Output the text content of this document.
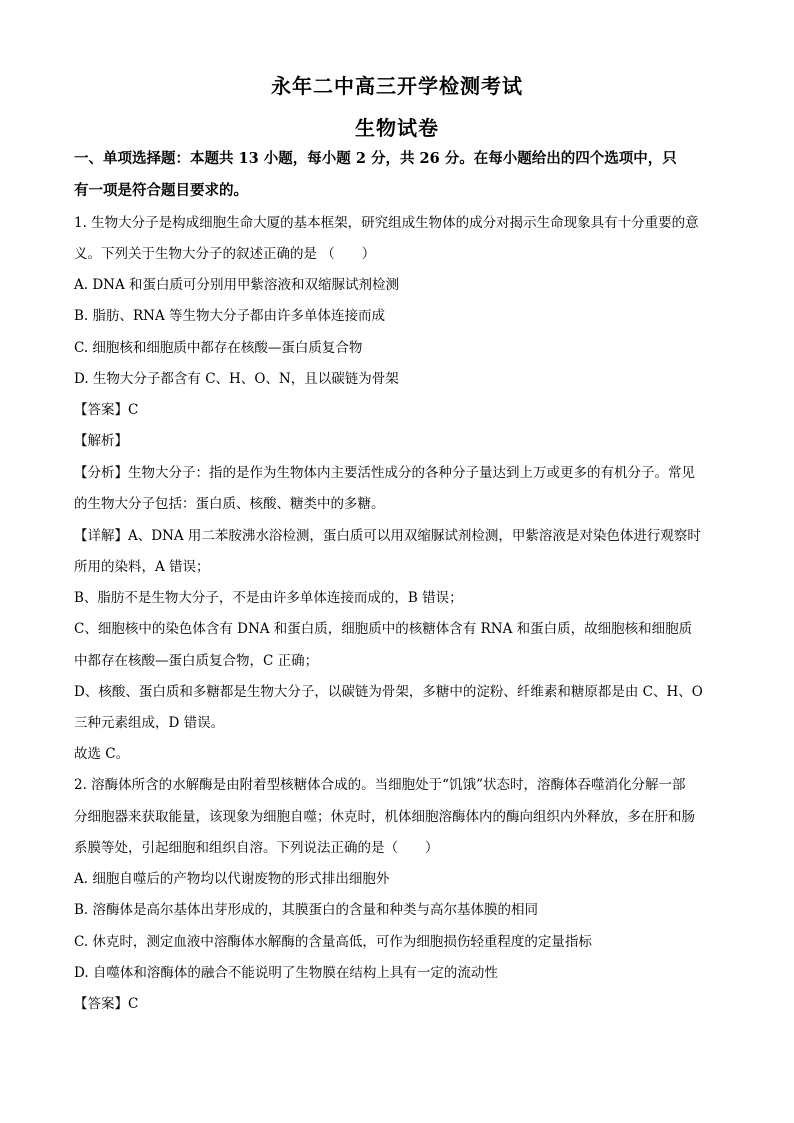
永年二中高三开学检测考试
生物试卷
一、单项选择题：本题共 13 小题，每小题 2 分，共 26 分。在每小题给出的四个选项中，只
有一项是符合题目要求的。
1. 生物大分子是构成细胞生命大厦的基本框架，研究组成生物体的成分对揭示生命现象具有十分重要的意
义。下列关于生物大分子的叙述正确的是 （　　）
A. DNA 和蛋白质可分别用甲紫溶液和双缩脲试剂检测
B. 脂肪、RNA 等生物大分子都由许多单体连接而成
C. 细胞核和细胞质中都存在核酸—蛋白质复合物
D. 生物大分子都含有 C、H、O、N，且以碳链为骨架
【答案】C
【解析】
【分析】生物大分子：指的是作为生物体内主要活性成分的各种分子量达到上万或更多的有机分子。常见
的生物大分子包括：蛋白质、核酸、糖类中的多糖。
【详解】A、DNA 用二苯胺沸水浴检测，蛋白质可以用双缩脲试剂检测，甲紫溶液是对染色体进行观察时
所用的染料，A 错误；
B、脂肪不是生物大分子，不是由许多单体连接而成的，B 错误；
C、细胞核中的染色体含有 DNA 和蛋白质，细胞质中的核糖体含有 RNA 和蛋白质，故细胞核和细胞质
中都存在核酸—蛋白质复合物，C 正确；
D、核酸、蛋白质和多糖都是生物大分子，以碳链为骨架，多糖中的淀粉、纤维素和糖原都是由 C、H、O
三种元素组成，D 错误。
故选 C。
2. 溶酶体所含的水解酶是由附着型核糖体合成的。当细胞处于“饥饿”状态时，溶酶体吞噬消化分解一部
分细胞器来获取能量，该现象为细胞自噬；休克时，机体细胞溶酶体内的酶向组织内外释放，多在肝和肠
系膜等处，引起细胞和组织自溶。下列说法正确的是（　　）
A. 细胞自噬后的产物均以代谢废物的形式排出细胞外
B. 溶酶体是高尔基体出芽形成的，其膜蛋白的含量和种类与高尔基体膜的相同
C. 休克时，测定血液中溶酶体水解酶的含量高低，可作为细胞损伤轻重程度的定量指标
D. 自噬体和溶酶体的融合不能说明了生物膜在结构上具有一定的流动性
【答案】C
